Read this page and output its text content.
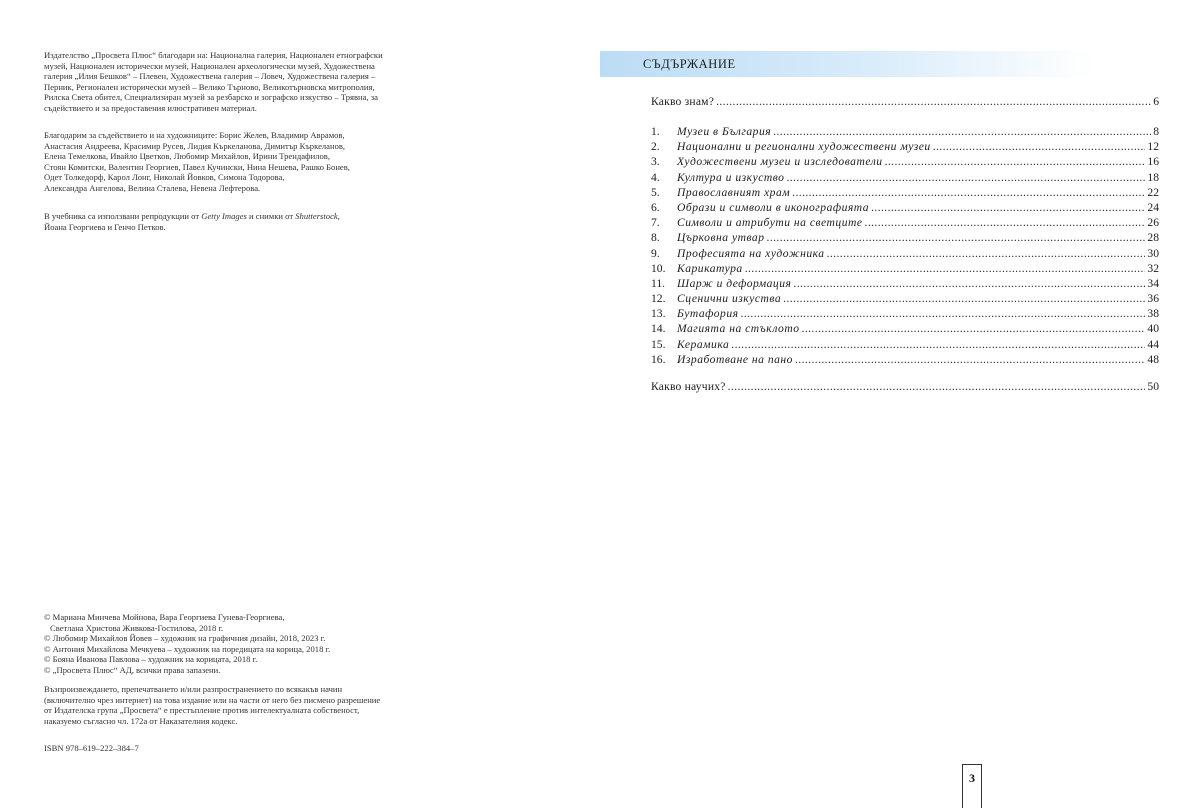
Издателство „Просвета Плюс“ благодари на: Национална галерия, Национален етнографски
музей, Национален исторически музей, Национален археологически музей, Художествена
галерия „Илия Бешков“ – Плевен, Художествена галерия – Ловеч, Художествена галерия –
Перник, Регионален исторически музей – Велико Търново, Великотърновска митрополия,
Рилска Света обител, Специализиран музей за резбарско и зографско изкуство – Трявна, за
съдействието и за предоставения илюстративен материал.
Благодарим за съдействието и на художниците: Борис Желев, Владимир Аврамов,
Анастасия Андреева, Красимир Русев, Лидия Къркеланова, Димитър Къркеланов,
Елена Темелкова, Ивайло Цветков, Любомир Михайлов, Ирини Трендафилов,
Стоян Комитски, Валентин Георгиев, Павел Кучински, Нина Нешева, Рашко Бонев,
Одет Толкедорф, Карол Лонг, Николай Йовков, Симона Тодорова,
Александра Ангелова, Велина Сталева, Невена Лефтерова.
В учебника са използвани репродукции от Getty Images и снимки от Shutterstock,
Йоана Георгиева и Генчо Петков.
© Мариана Минчева Мойнова, Вара Георгиева Гунева-Георгиева,
Светлана Христова Живкова-Гостилова, 2018 г.
© Любомир Михайлов Йовев – художник на графичния дизайн, 2018, 2023 г.
© Антония Михайлова Мечкуева – художник на поредицата на корица, 2018 г.
© Бояна Иванова Павлова – художник на корицата, 2018 г.
© „Просвета Плюс“ АД, всички права запазени.
Възпроизвеждането, препечатването и/или разпространението по всякакъв начин
(включително чрез интернет) на това издание или на части от него без писмено разрешение
от Издателска група „Просвета“ е престъпление против интелектуалната собственост,
наказуемо съгласно чл. 172а от Наказателния кодекс.
ISBN 978–619–222–384–7
СЪДЪРЖАНИЕ
Какво знам? .....	6
1. Музеи в България .....	8
2. Национални и регионални художествени музеи .....	12
3. Художествени музеи и изследователи .....	16
4. Култура и изкуство .....	18
5. Православният храм .....	22
6. Образи и символи в иконографията .....	24
7. Символи и атрибути на светците .....	26
8. Църковна утвар .....	28
9. Професията на художника .....	30
10. Карикатура .....	32
11. Шарж и деформация .....	34
12. Сценични изкуства .....	36
13. Бутафория .....	38
14. Магията на стъклото .....	40
15. Керамика .....	44
16. Изработване на пано .....	48
Какво научих? .....	50
3
